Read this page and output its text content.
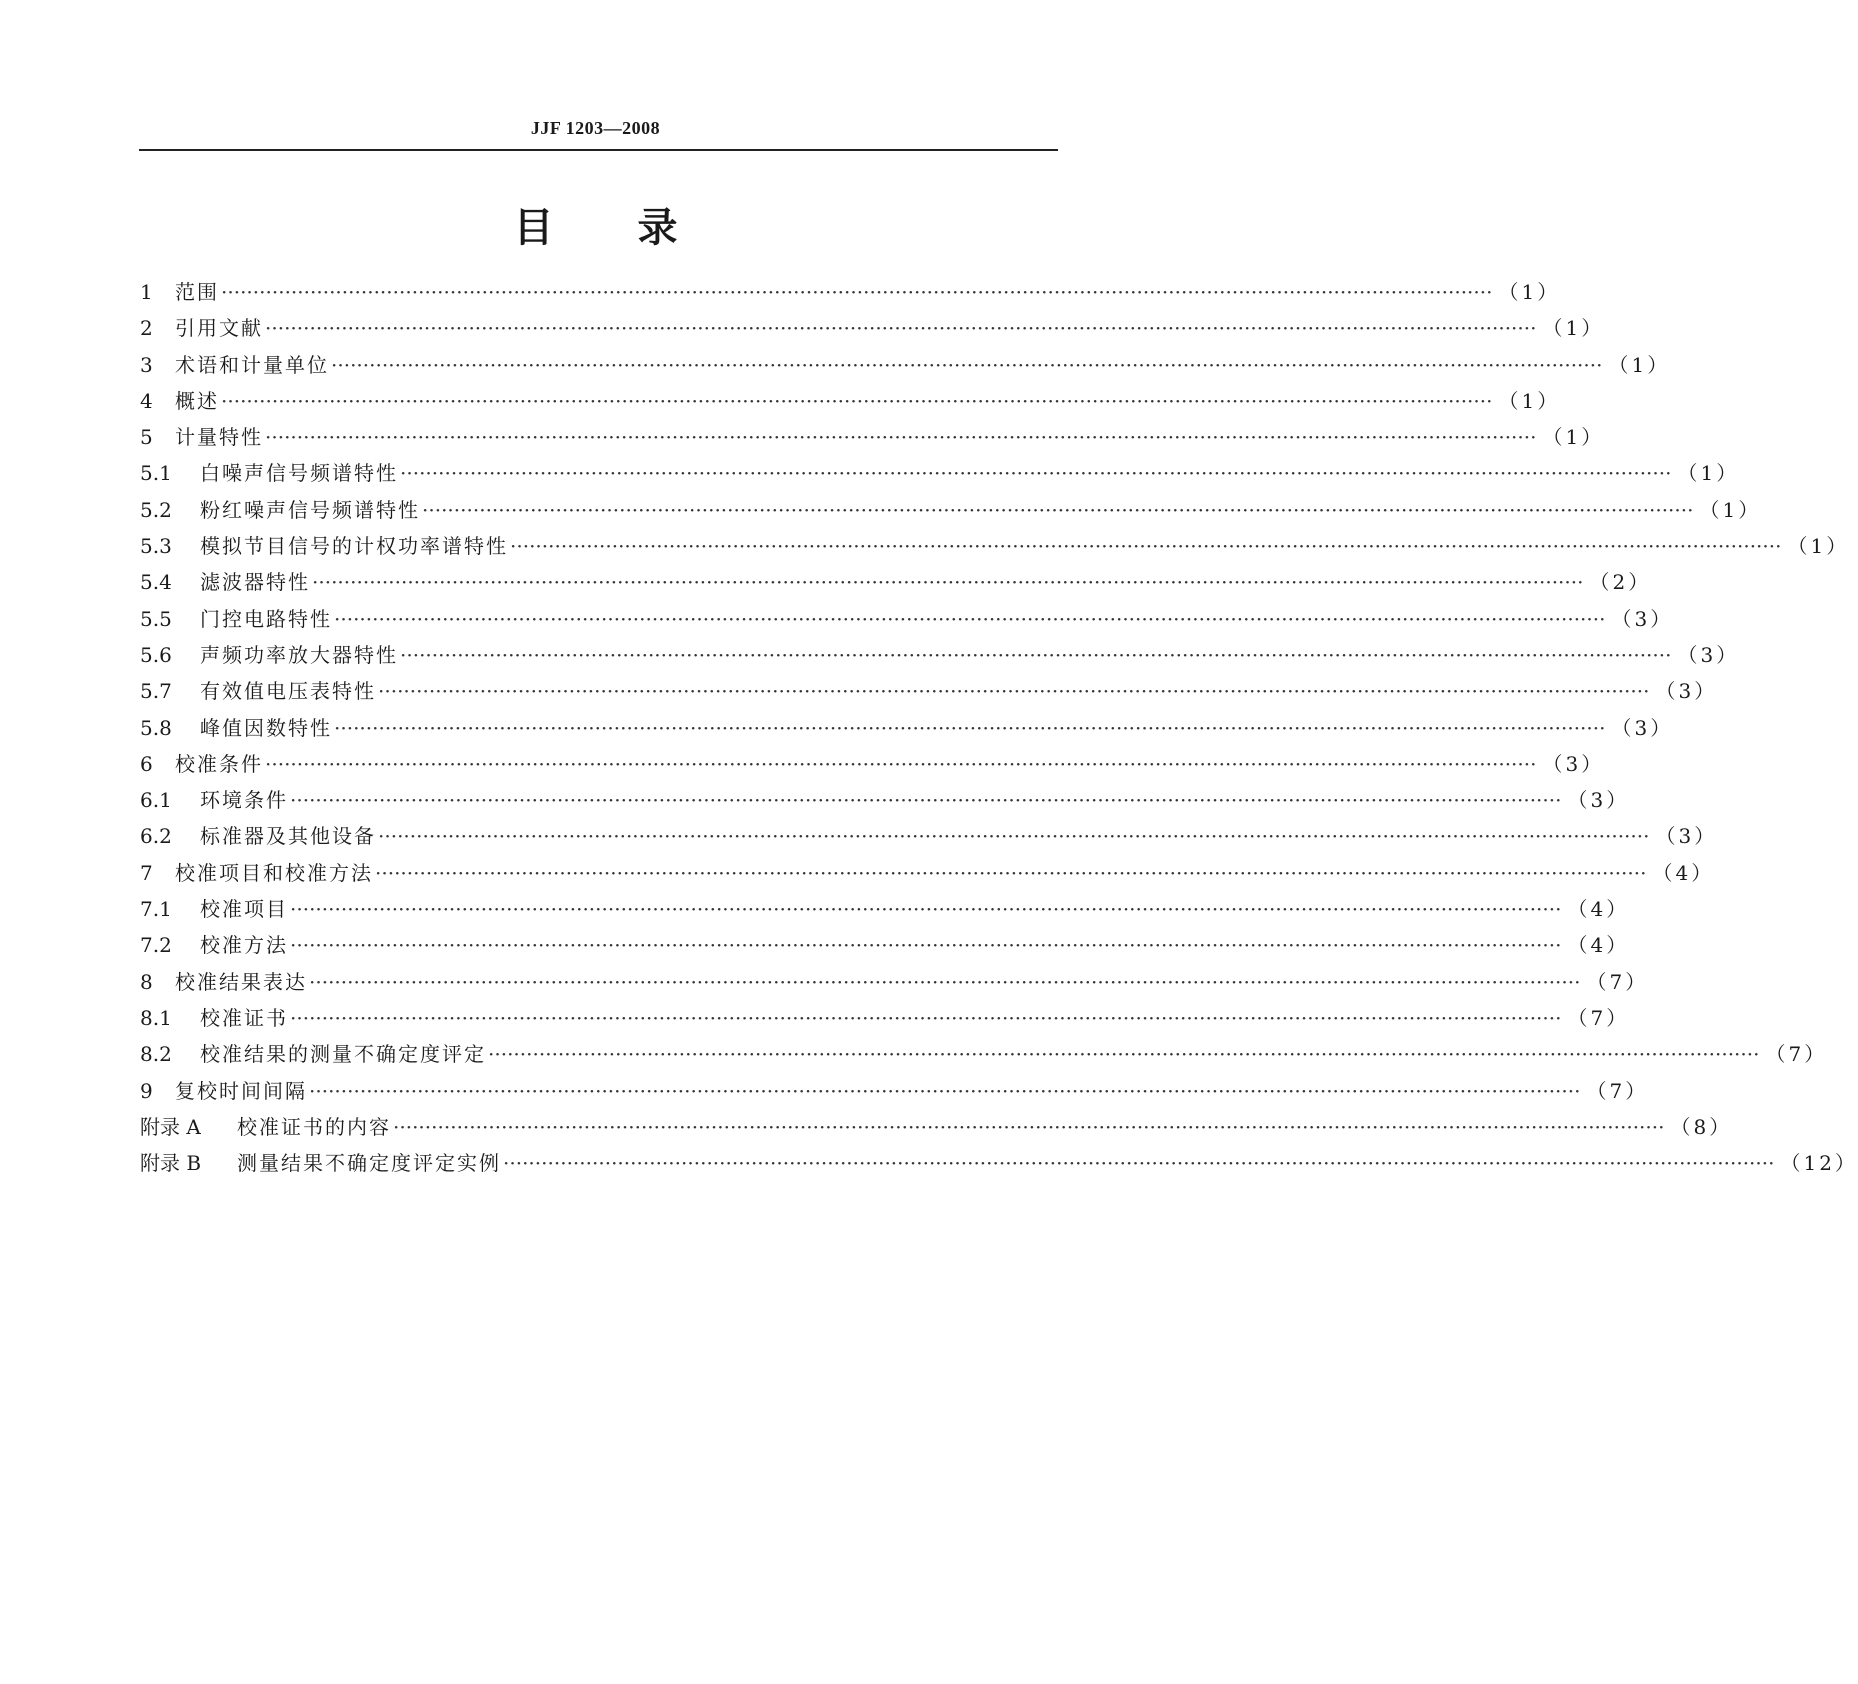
JJF 1203—2008
目 录
1	范围 ········································································································································································································ （1）
2	引用文献 ········································································································································································································ （1）
3	术语和计量单位 ········································································································································································································ （1）
4	概述 ········································································································································································································ （1）
5	计量特性 ········································································································································································································ （1）
5.1	白噪声信号频谱特性 ········································································································································································································ （1）
5.2	粉红噪声信号频谱特性 ········································································································································································································ （1）
5.3	模拟节目信号的计权功率谱特性 ········································································································································································································ （1）
5.4	滤波器特性 ········································································································································································································ （2）
5.5	门控电路特性 ········································································································································································································ （3）
5.6	声频功率放大器特性 ········································································································································································································ （3）
5.7	有效值电压表特性 ········································································································································································································ （3）
5.8	峰值因数特性 ········································································································································································································ （3）
6	校准条件 ········································································································································································································ （3）
6.1	环境条件 ········································································································································································································ （3）
6.2	标准器及其他设备 ········································································································································································································ （3）
7	校准项目和校准方法 ········································································································································································································ （4）
7.1	校准项目 ········································································································································································································ （4）
7.2	校准方法 ········································································································································································································ （4）
8	校准结果表达 ········································································································································································································ （7）
8.1	校准证书 ········································································································································································································ （7）
8.2	校准结果的测量不确定度评定 ········································································································································································································ （7）
9	复校时间间隔 ········································································································································································································ （7）
附录 A	校准证书的内容 ········································································································································································································ （8）
附录 B	测量结果不确定度评定实例 ········································································································································································································ （12）
